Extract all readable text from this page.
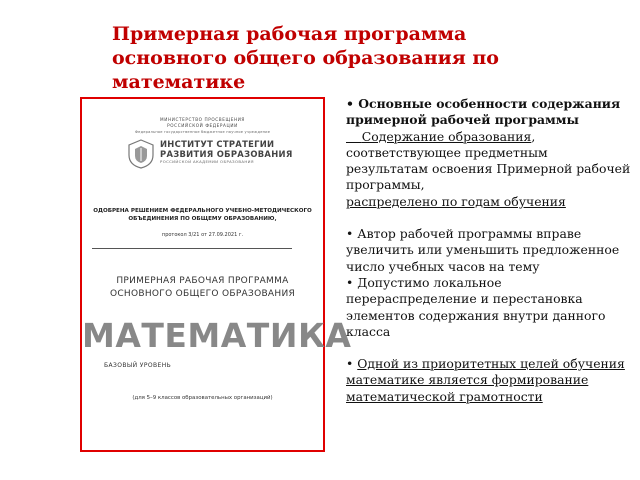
Примерная рабочая программа основного общего образования по математике
МИНИСТЕРСТВО ПРОСВЕЩЕНИЯ
РОССИЙСКОЙ ФЕДЕРАЦИИ
Федеральное государственное бюджетное научное учреждение
ИНСТИТУТ СТРАТЕГИИ
РАЗВИТИЯ ОБРАЗОВАНИЯ
РОССИЙСКОЙ АКАДЕМИИ ОБРАЗОВАНИЯ
ОДОБРЕНА РЕШЕНИЕМ ФЕДЕРАЛЬНОГО УЧЕБНО-МЕТОДИЧЕСКОГО
ОБЪЕДИНЕНИЯ ПО ОБЩЕМУ ОБРАЗОВАНИЮ,
протокол 3/21 от 27.09.2021 г.
ПРИМЕРНАЯ РАБОЧАЯ ПРОГРАММА
ОСНОВНОГО ОБЩЕГО ОБРАЗОВАНИЯ
МАТЕМАТИКА
БАЗОВЫЙ УРОВЕНЬ
(для 5–9 классов образовательных организаций)

• Основные особенности содержания примерной рабочей программы

Содержание образования, соответствующее предметным результатам освоения Примерной рабочей программы,

распределено по годам обучения

• Автор рабочей программы вправе увеличить или уменьшить предложенное число учебных часов на тему

• Допустимо локальное перераспределение и перестановка элементов содержания внутри данного класса

• Одной из приоритетных целей обучения математике является формирование математической грамотности
